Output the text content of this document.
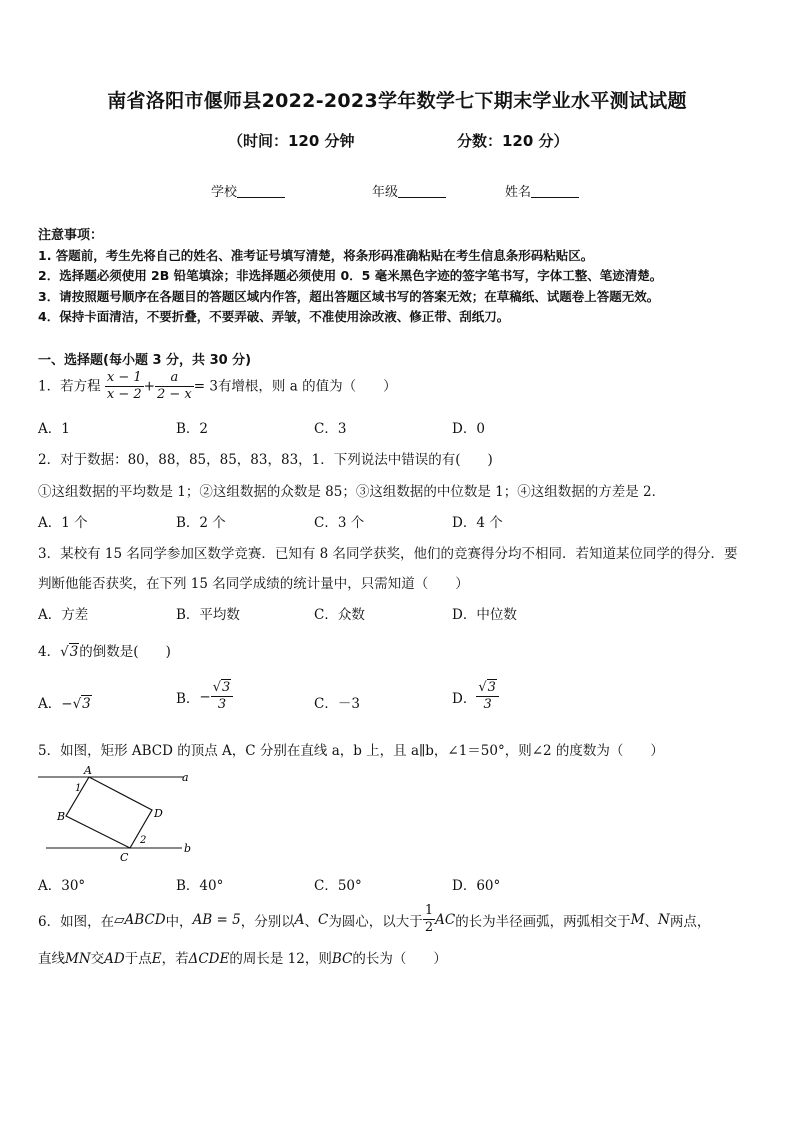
南省洛阳市偃师县2022-2023学年数学七下期末学业水平测试试题
（时间：120 分钟	分数：120 分）
学校	年级	姓名
注意事项：
1. 答题前，考生先将自己的姓名、准考证号填写清楚，将条形码准确粘贴在考生信息条形码粘贴区。
2．选择题必须使用 2B 铅笔填涂；非选择题必须使用 0．5 毫米黑色字迹的签字笔书写，字体工整、笔迹清楚。
3．请按照题号顺序在各题目的答题区域内作答，超出答题区域书写的答案无效；在草稿纸、试题卷上答题无效。
4．保持卡面清洁，不要折叠，不要弄破、弄皱，不准使用涂改液、修正带、刮纸刀。
一、选择题(每小题 3 分，共 30 分)
1．若方程 $\frac{x - 1}{x - 2} + \frac{a}{2 - x} = 3$有增根，则 a 的值为（　　）
A．1	B．2	C．3	D．0
2．对于数据：80，88，85，85，83，83，1．下列说法中错误的有(　　)
①这组数据的平均数是 1；②这组数据的众数是 85；③这组数据的中位数是 1；④这组数据的方差是 2．
A．1 个	B．2 个	C．3 个	D．4 个
3．某校有 15 名同学参加区数学竞赛．已知有 8 名同学获奖，他们的竞赛得分均不相同．若知道某位同学的得分．要
判断他能否获奖，在下列 15 名同学成绩的统计量中，只需知道（　　）
A．方差	B．平均数	C．众数	D．中位数
4．√3的倒数是(　　)
A．−√3	B．− $\frac{√3}{3}$	C．－3	D． $\frac{√3}{3}$
5．如图，矩形 ABCD 的顶点 A，C 分别在直线 a，b 上，且 a∥b，∠1＝50°，则∠2 的度数为（　　）
A
B	D
C
a
b
1
2
A．30°	B．40°	C．50°	D．60°
6．如图，在▱ABCD中，AB = 5，分别以A、C为圆心，以大于 $\frac{1}{2}$ AC的长为半径画弧，两弧相交于M、N两点，
直线MN交AD于点E，若ΔCDE的周长是 12，则BC的长为（　　）
